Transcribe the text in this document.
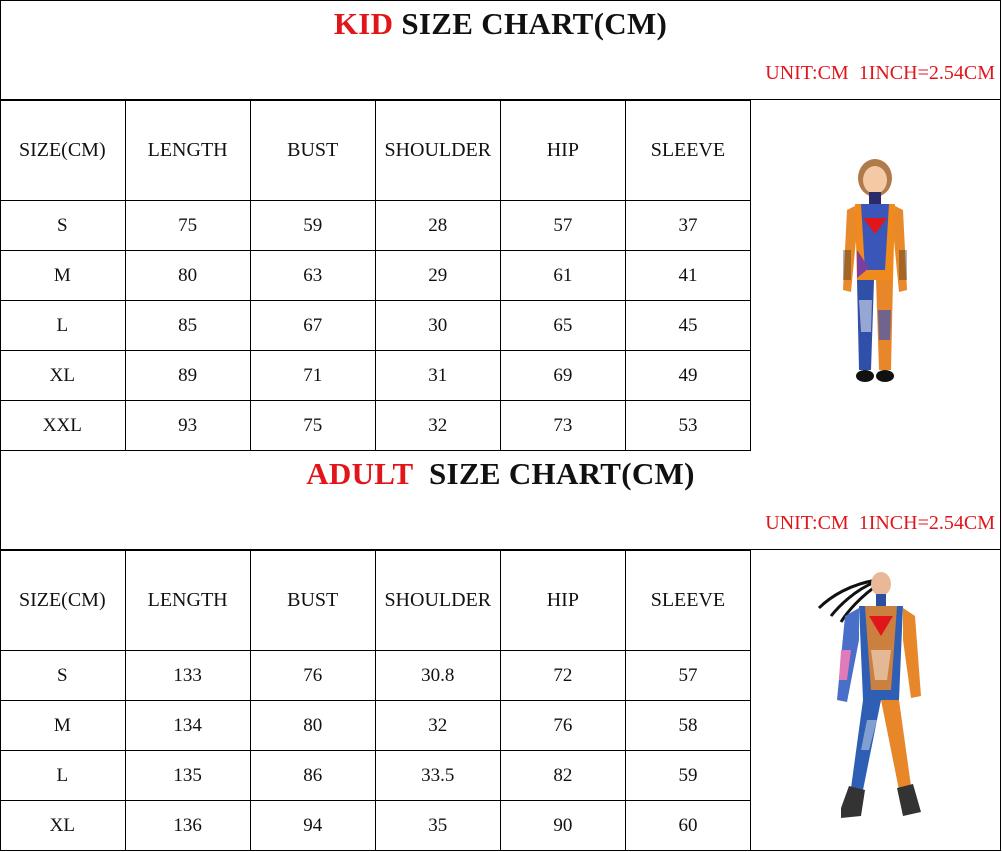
KID SIZE CHART(CM)
UNIT:CM  1INCH=2.54CM
SIZE(CM)	LENGTH	BUST	SHOULDER	HIP	SLEEVE
S	75	59	28	57	37
M	80	63	29	61	41
L	85	67	30	65	45
XL	89	71	31	69	49
XXL	93	75	32	73	53
ADULT  SIZE CHART(CM)
UNIT:CM  1INCH=2.54CM
SIZE(CM)	LENGTH	BUST	SHOULDER	HIP	SLEEVE
S	133	76	30.8	72	57
M	134	80	32	76	58
L	135	86	33.5	82	59
XL	136	94	35	90	60
